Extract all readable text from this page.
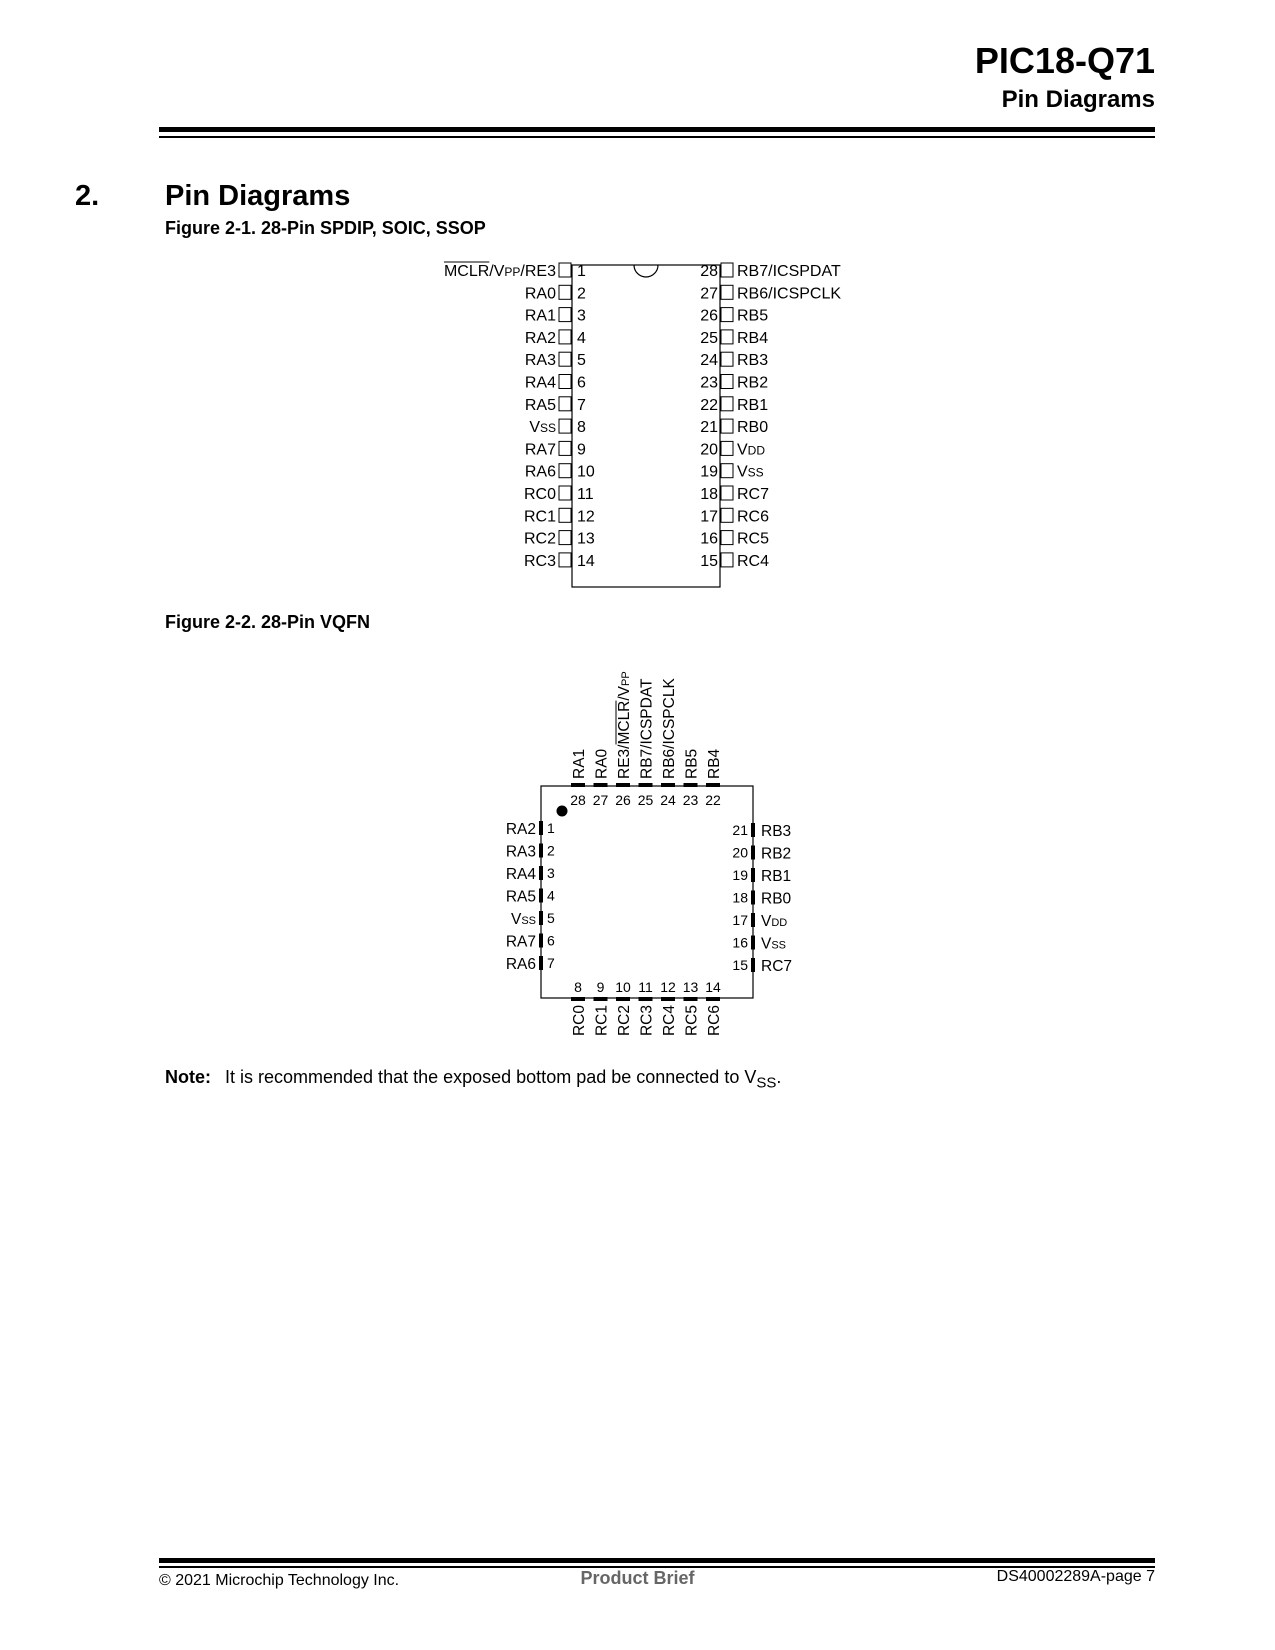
PIC18-Q71
Pin Diagrams
2. Pin Diagrams
Figure 2-1. 28-Pin SPDIP, SOIC, SSOP
1
MCLR/VPP/RE3
2
RA0
3
RA1
4
RA2
5
RA3
6
RA4
7
RA5
8
VSS
9
RA7
10
RA6
11
RC0
12
RC1
13
RC2
14
RC3
28 RB7/ICSPDAT
27 RB6/ICSPCLK
26 RB5
25 RB4
24 RB3
23 RB2
22 RB1
21 RB0
20 VDD
19 VSS
18 RC7
17 RC6
16 RC5
15 RC4
Figure 2-2. 28-Pin VQFN
28
RA1
27
RA0
26
RE3/MCLR/VPP
25
RB7/ICSPDAT
24
RB6/ICSPCLK
23
RB5
22
RB4
8
RC0
9
RC1
10
RC2
11
RC3
12
RC4
13
RC5
14
RC6
1
RA2
2
RA3
3
RA4
4
RA5
5
VSS
6
RA7
7
RA6
21 RB3
20 RB2
19 RB1
18 RB0
17 VDD
16 VSS
15 RC7
Note: It is recommended that the exposed bottom pad be connected to $V_{SS}$.
© 2021 Microchip Technology Inc.	Product Brief	DS40002289A-page 7
